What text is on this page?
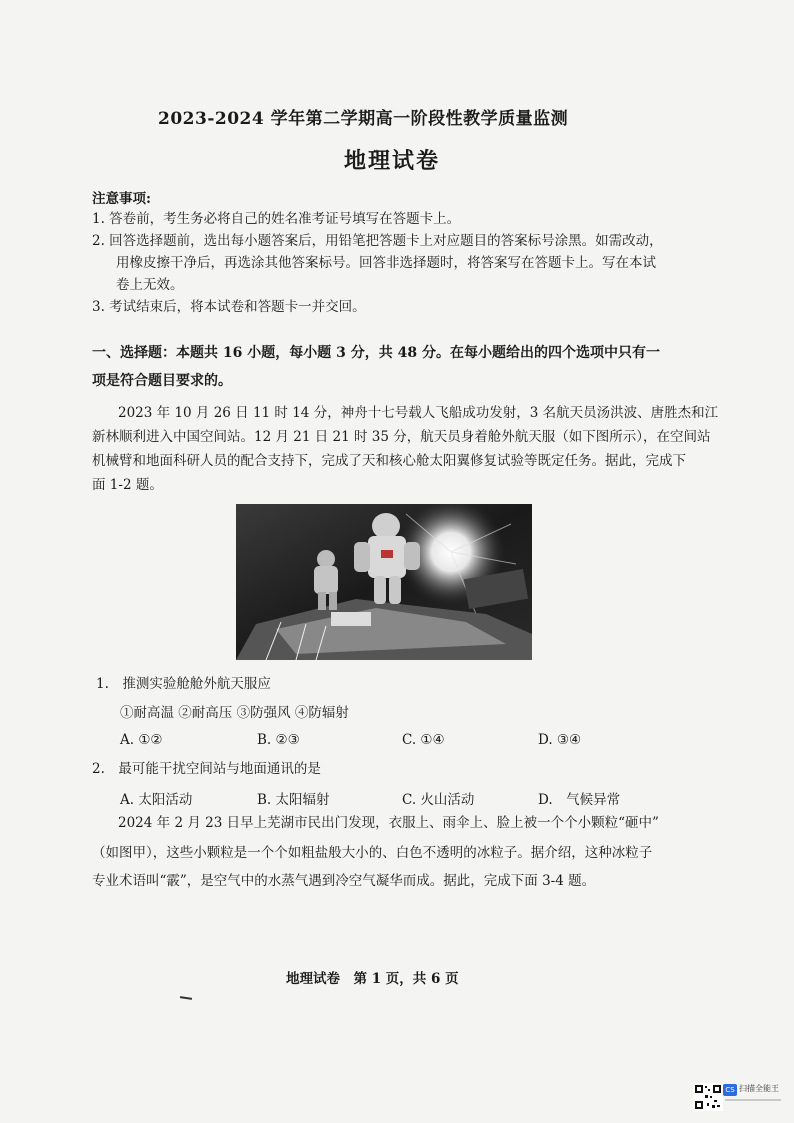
2023-2024 学年第二学期高一阶段性教学质量监测
地理试卷
注意事项:
1. 答卷前，考生务必将自己的姓名准考证号填写在答题卡上。
2. 回答选择题前，选出每小题答案后，用铅笔把答题卡上对应题目的答案标号涂黑。如需改动，
用橡皮擦干净后，再选涂其他答案标号。回答非选择题时，将答案写在答题卡上。写在本试
卷上无效。
3. 考试结束后，将本试卷和答题卡一并交回。
一、选择题：本题共 16 小题，每小题 3 分，共 48 分。在每小题给出的四个选项中只有一
项是符合题目要求的。
2023 年 10 月 26 日 11 时 14 分，神舟十七号载人飞船成功发射，3 名航天员汤洪波、唐胜杰和江
新林顺利进入中国空间站。12 月 21 日 21 时 35 分，航天员身着舱外航天服（如下图所示），在空间站
机械臂和地面科研人员的配合支持下，完成了天和核心舱太阳翼修复试验等既定任务。据此，完成下
面 1-2 题。
1.　推测实验舱舱外航天服应
①耐高温 ②耐高压 ③防强风 ④防辐射
A. ①②	B. ②③	C. ①④	D. ③④
2.　最可能干扰空间站与地面通讯的是
A. 太阳活动	B. 太阳辐射	C. 火山活动	D.　气候异常
2024 年 2 月 23 日早上芜湖市民出门发现，衣服上、雨伞上、脸上被一个个小颗粒“砸中”
（如图甲），这些小颗粒是一个个如粗盐般大小的、白色不透明的冰粒子。据介绍，这种冰粒子
专业术语叫“霰”，是空气中的水蒸气遇到冷空气凝华而成。据此，完成下面 3-4 题。
地理试卷　第 1 页，共 6 页
CS 扫描全能王
